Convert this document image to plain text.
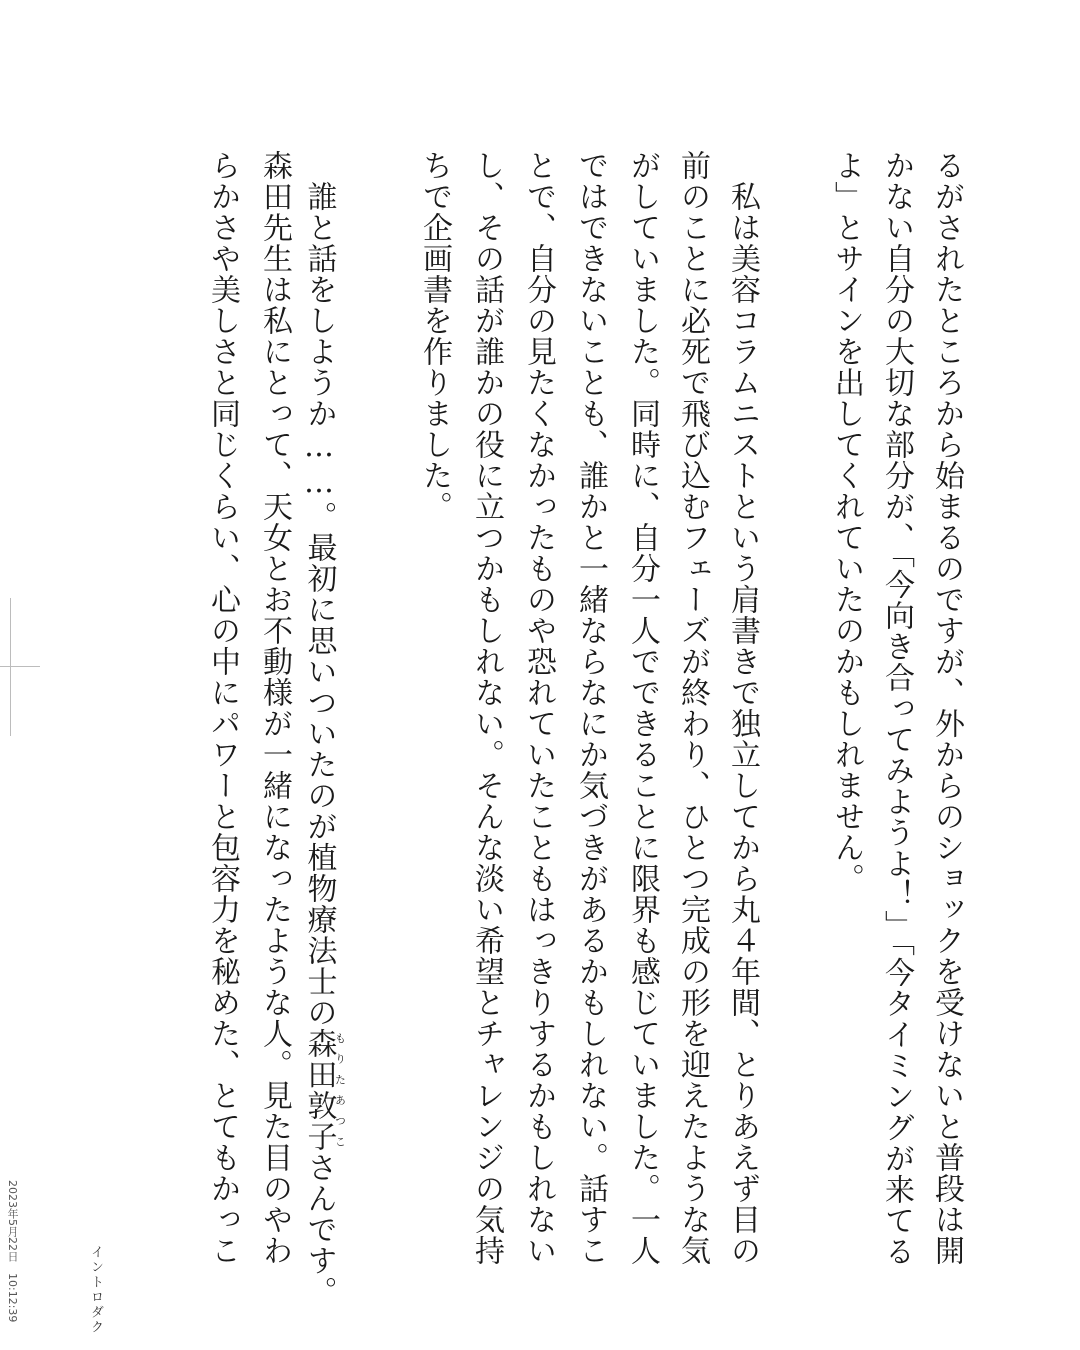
るがされたところから始まるのですが、外からのショックを受けないと普段は開
かない自分の大切な部分が、「今向き合ってみようよ！」「今タイミングが来てる
よ」とサインを出してくれていたのかもしれません。
　私は美容コラムニストという肩書きで独立してから丸４年間、とりあえず目の
前のことに必死で飛び込むフェーズが終わり、ひとつ完成の形を迎えたような気
がしていました。同時に、自分一人でできることに限界も感じていました。一人
ではできないことも、誰かと一緒ならなにか気づきがあるかもしれない。話すこ
とで、自分の見たくなかったものや恐れていたこともはっきりするかもしれない
し、その話が誰かの役に立つかもしれない。そんな淡い希望とチャレンジの気持
ちで企画書を作りました。
　誰と話をしようか……。最初に思いついたのが植物療法士の森田敦子もりたあつこさんです。
森田先生は私にとって、天女とお不動様が一緒になったような人。見た目のやわ
らかさや美しさと同じくらい、心の中にパワーと包容力を秘めた、とてもかっこ
イントロダク
2023年5月22日　10:12:39
